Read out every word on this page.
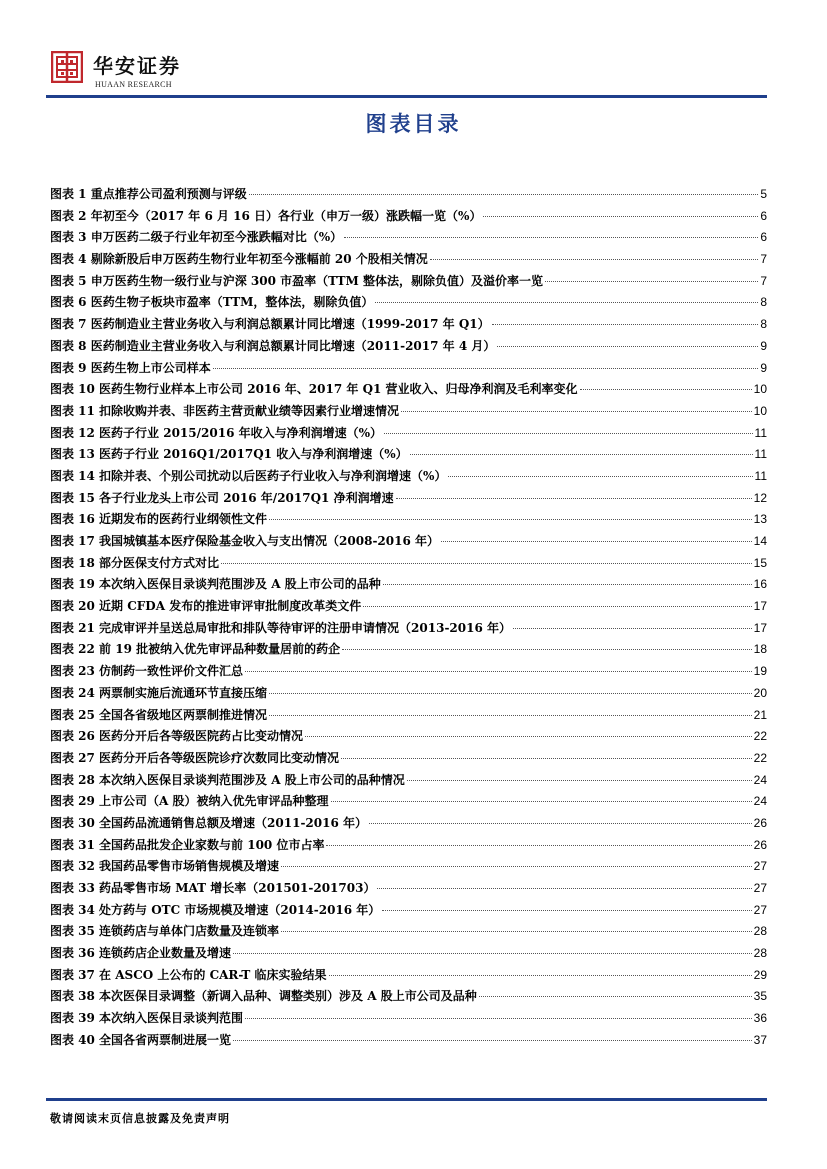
华安证券
HUAAN RESEARCH
图表目录
图表 1 重点推荐公司盈利预测与评级	5
图表 2 年初至今（2017 年 6 月 16 日）各行业（申万一级）涨跌幅一览（%）	6
图表 3 申万医药二级子行业年初至今涨跌幅对比（%）	6
图表 4 剔除新股后申万医药生物行业年初至今涨幅前 20 个股相关情况	7
图表 5 申万医药生物一级行业与沪深 300 市盈率（TTM 整体法，剔除负值）及溢价率一览	7
图表 6 医药生物子板块市盈率（TTM，整体法，剔除负值）	8
图表 7 医药制造业主营业务收入与利润总额累计同比增速（1999-2017 年 Q1）	8
图表 8 医药制造业主营业务收入与利润总额累计同比增速（2011-2017 年 4 月）	9
图表 9 医药生物上市公司样本	9
图表 10 医药生物行业样本上市公司 2016 年、2017 年 Q1 营业收入、归母净利润及毛利率变化	10
图表 11 扣除收购并表、非医药主营贡献业绩等因素行业增速情况	10
图表 12 医药子行业 2015/2016 年收入与净利润增速（%）	11
图表 13 医药子行业 2016Q1/2017Q1 收入与净利润增速（%）	11
图表 14 扣除并表、个别公司扰动以后医药子行业收入与净利润增速（%）	11
图表 15 各子行业龙头上市公司 2016 年/2017Q1 净利润增速	12
图表 16 近期发布的医药行业纲领性文件	13
图表 17 我国城镇基本医疗保险基金收入与支出情况（2008-2016 年）	14
图表 18 部分医保支付方式对比	15
图表 19 本次纳入医保目录谈判范围涉及 A 股上市公司的品种	16
图表 20 近期 CFDA 发布的推进审评审批制度改革类文件	17
图表 21 完成审评并呈送总局审批和排队等待审评的注册申请情况（2013-2016 年）	17
图表 22 前 19 批被纳入优先审评品种数量居前的药企	18
图表 23 仿制药一致性评价文件汇总	19
图表 24 两票制实施后流通环节直接压缩	20
图表 25 全国各省级地区两票制推进情况	21
图表 26 医药分开后各等级医院药占比变动情况	22
图表 27 医药分开后各等级医院诊疗次数同比变动情况	22
图表 28 本次纳入医保目录谈判范围涉及 A 股上市公司的品种情况	24
图表 29 上市公司（A 股）被纳入优先审评品种整理	24
图表 30 全国药品流通销售总额及增速（2011-2016 年）	26
图表 31 全国药品批发企业家数与前 100 位市占率	26
图表 32 我国药品零售市场销售规模及增速	27
图表 33 药品零售市场 MAT 增长率（201501-201703）	27
图表 34 处方药与 OTC 市场规模及增速（2014-2016 年）	27
图表 35 连锁药店与单体门店数量及连锁率	28
图表 36 连锁药店企业数量及增速	28
图表 37 在 ASCO 上公布的 CAR-T 临床实验结果	29
图表 38 本次医保目录调整（新调入品种、调整类别）涉及 A 股上市公司及品种	35
图表 39 本次纳入医保目录谈判范围	36
图表 40 全国各省两票制进展一览	37
敬请阅读末页信息披露及免责声明
